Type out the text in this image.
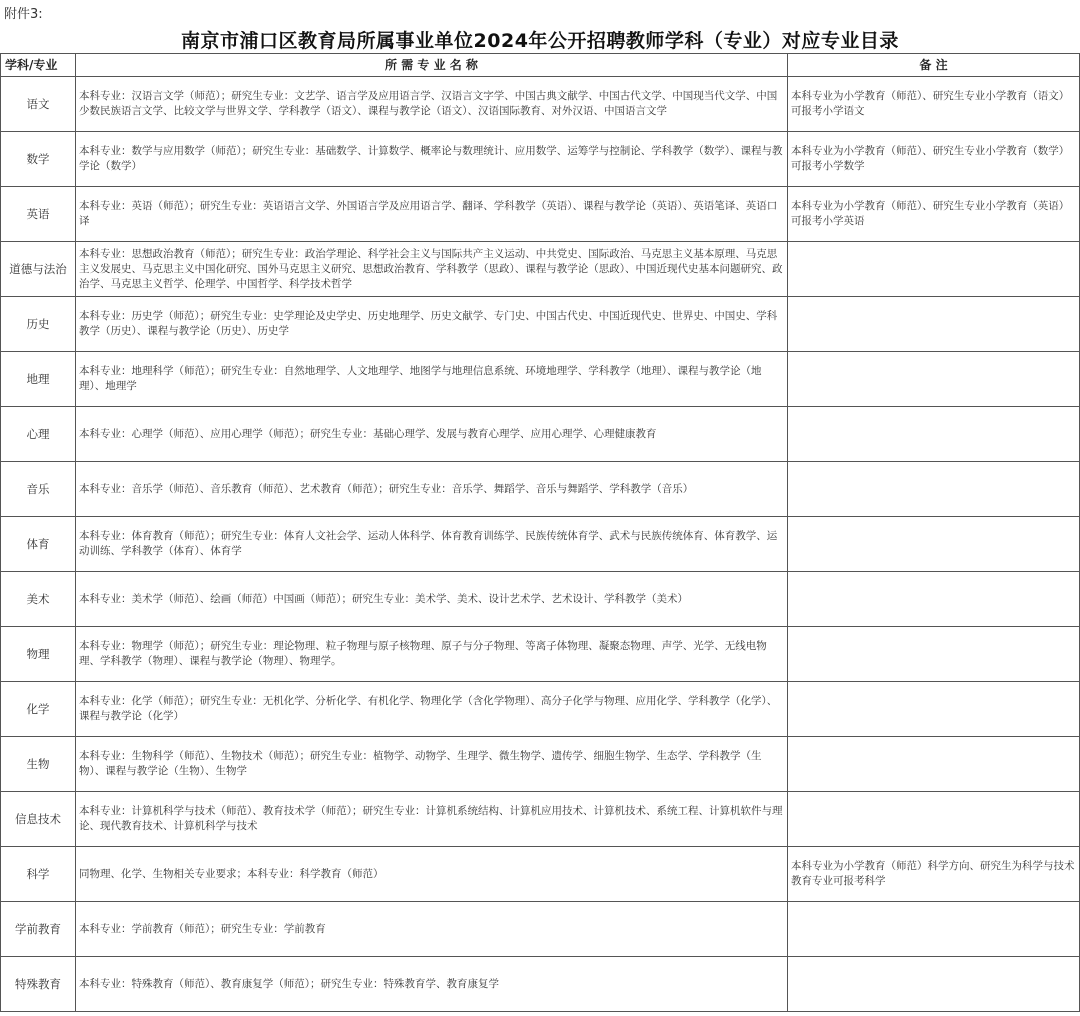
附件3:
南京市浦口区教育局所属事业单位2024年公开招聘教师学科（专业）对应专业目录
学科/专业	所 需 专 业 名 称	备 注
语文	本科专业：汉语言文学（师范）；研究生专业：文艺学、语言学及应用语言学、汉语言文字学、中国古典文献学、中国古代文学、中国现当代文学、中国少数民族语言文学、比较文学与世界文学、学科教学（语文）、课程与教学论（语文）、汉语国际教育、对外汉语、中国语言文学	本科专业为小学教育（师范）、研究生专业小学教育（语文）可报考小学语文
数学	本科专业：数学与应用数学（师范）；研究生专业：基础数学、计算数学、概率论与数理统计、应用数学、运筹学与控制论、学科教学（数学）、课程与教学论（数学）	本科专业为小学教育（师范）、研究生专业小学教育（数学）可报考小学数学
英语	本科专业：英语（师范）；研究生专业：英语语言文学、外国语言学及应用语言学、翻译、学科教学（英语）、课程与教学论（英语）、英语笔译、英语口译	本科专业为小学教育（师范）、研究生专业小学教育（英语）可报考小学英语
道德与法治	本科专业：思想政治教育（师范）；研究生专业：政治学理论、科学社会主义与国际共产主义运动、中共党史、国际政治、马克思主义基本原理、马克思主义发展史、马克思主义中国化研究、国外马克思主义研究、思想政治教育、学科教学（思政）、课程与教学论（思政）、中国近现代史基本问题研究、政治学、马克思主义哲学、伦理学、中国哲学、科学技术哲学	
历史	本科专业：历史学（师范）；研究生专业：史学理论及史学史、历史地理学、历史文献学、专门史、中国古代史、中国近现代史、世界史、中国史、学科教学（历史）、课程与教学论（历史）、历史学	
地理	本科专业：地理科学（师范）；研究生专业：自然地理学、人文地理学、地图学与地理信息系统、环境地理学、学科教学（地理）、课程与教学论（地理）、地理学	
心理	本科专业：心理学（师范）、应用心理学（师范）；研究生专业：基础心理学、发展与教育心理学、应用心理学、心理健康教育	
音乐	本科专业：音乐学（师范）、音乐教育（师范）、艺术教育（师范）；研究生专业：音乐学、舞蹈学、音乐与舞蹈学、学科教学（音乐）	
体育	本科专业：体育教育（师范）；研究生专业：体育人文社会学、运动人体科学、体育教育训练学、民族传统体育学、武术与民族传统体育、体育教学、运动训练、学科教学（体育）、体育学	
美术	本科专业：美术学（师范）、绘画（师范）中国画（师范）；研究生专业：美术学、美术、设计艺术学、艺术设计、学科教学（美术）	
物理	本科专业：物理学（师范）；研究生专业：理论物理、粒子物理与原子核物理、原子与分子物理、等离子体物理、凝聚态物理、声学、光学、无线电物理、学科教学（物理）、课程与教学论（物理）、物理学。	
化学	本科专业：化学（师范）；研究生专业：无机化学、分析化学、有机化学、物理化学（含化学物理）、高分子化学与物理、应用化学、学科教学（化学）、课程与教学论（化学）	
生物	本科专业：生物科学（师范）、生物技术（师范）；研究生专业：植物学、动物学、生理学、微生物学、遗传学、细胞生物学、生态学、学科教学（生物）、课程与教学论（生物）、生物学	
信息技术	本科专业：计算机科学与技术（师范）、教育技术学（师范）；研究生专业：计算机系统结构、计算机应用技术、计算机技术、系统工程、计算机软件与理论、现代教育技术、计算机科学与技术	
科学	同物理、化学、生物相关专业要求；本科专业：科学教育（师范）	本科专业为小学教育（师范）科学方向、研究生为科学与技术教育专业可报考科学
学前教育	本科专业：学前教育（师范）；研究生专业：学前教育	
特殊教育	本科专业：特殊教育（师范）、教育康复学（师范）；研究生专业：特殊教育学、教育康复学	
